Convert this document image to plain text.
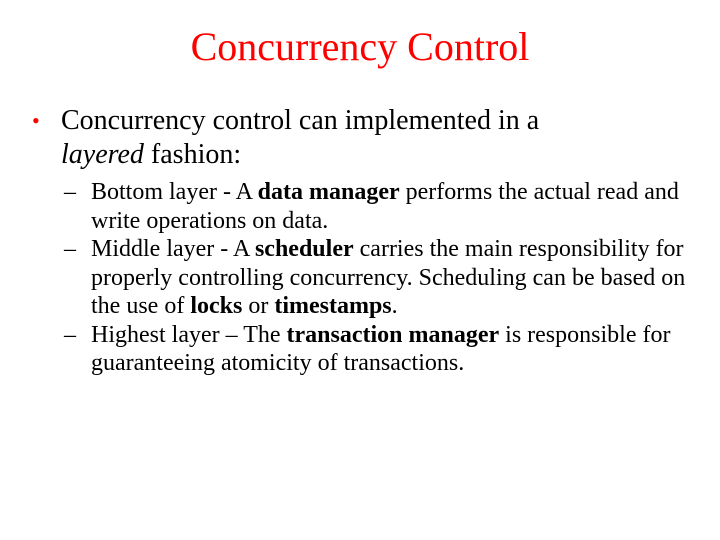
Concurrency Control
• Concurrency control can implemented in a
layered fashion:
– Bottom layer - A data manager performs the actual read and write operations on data.
– Middle layer - A scheduler carries the main responsibility for properly controlling concurrency. Scheduling can be based on the use of locks or timestamps.
– Highest layer – The transaction manager is responsible for guaranteeing atomicity of transactions.
